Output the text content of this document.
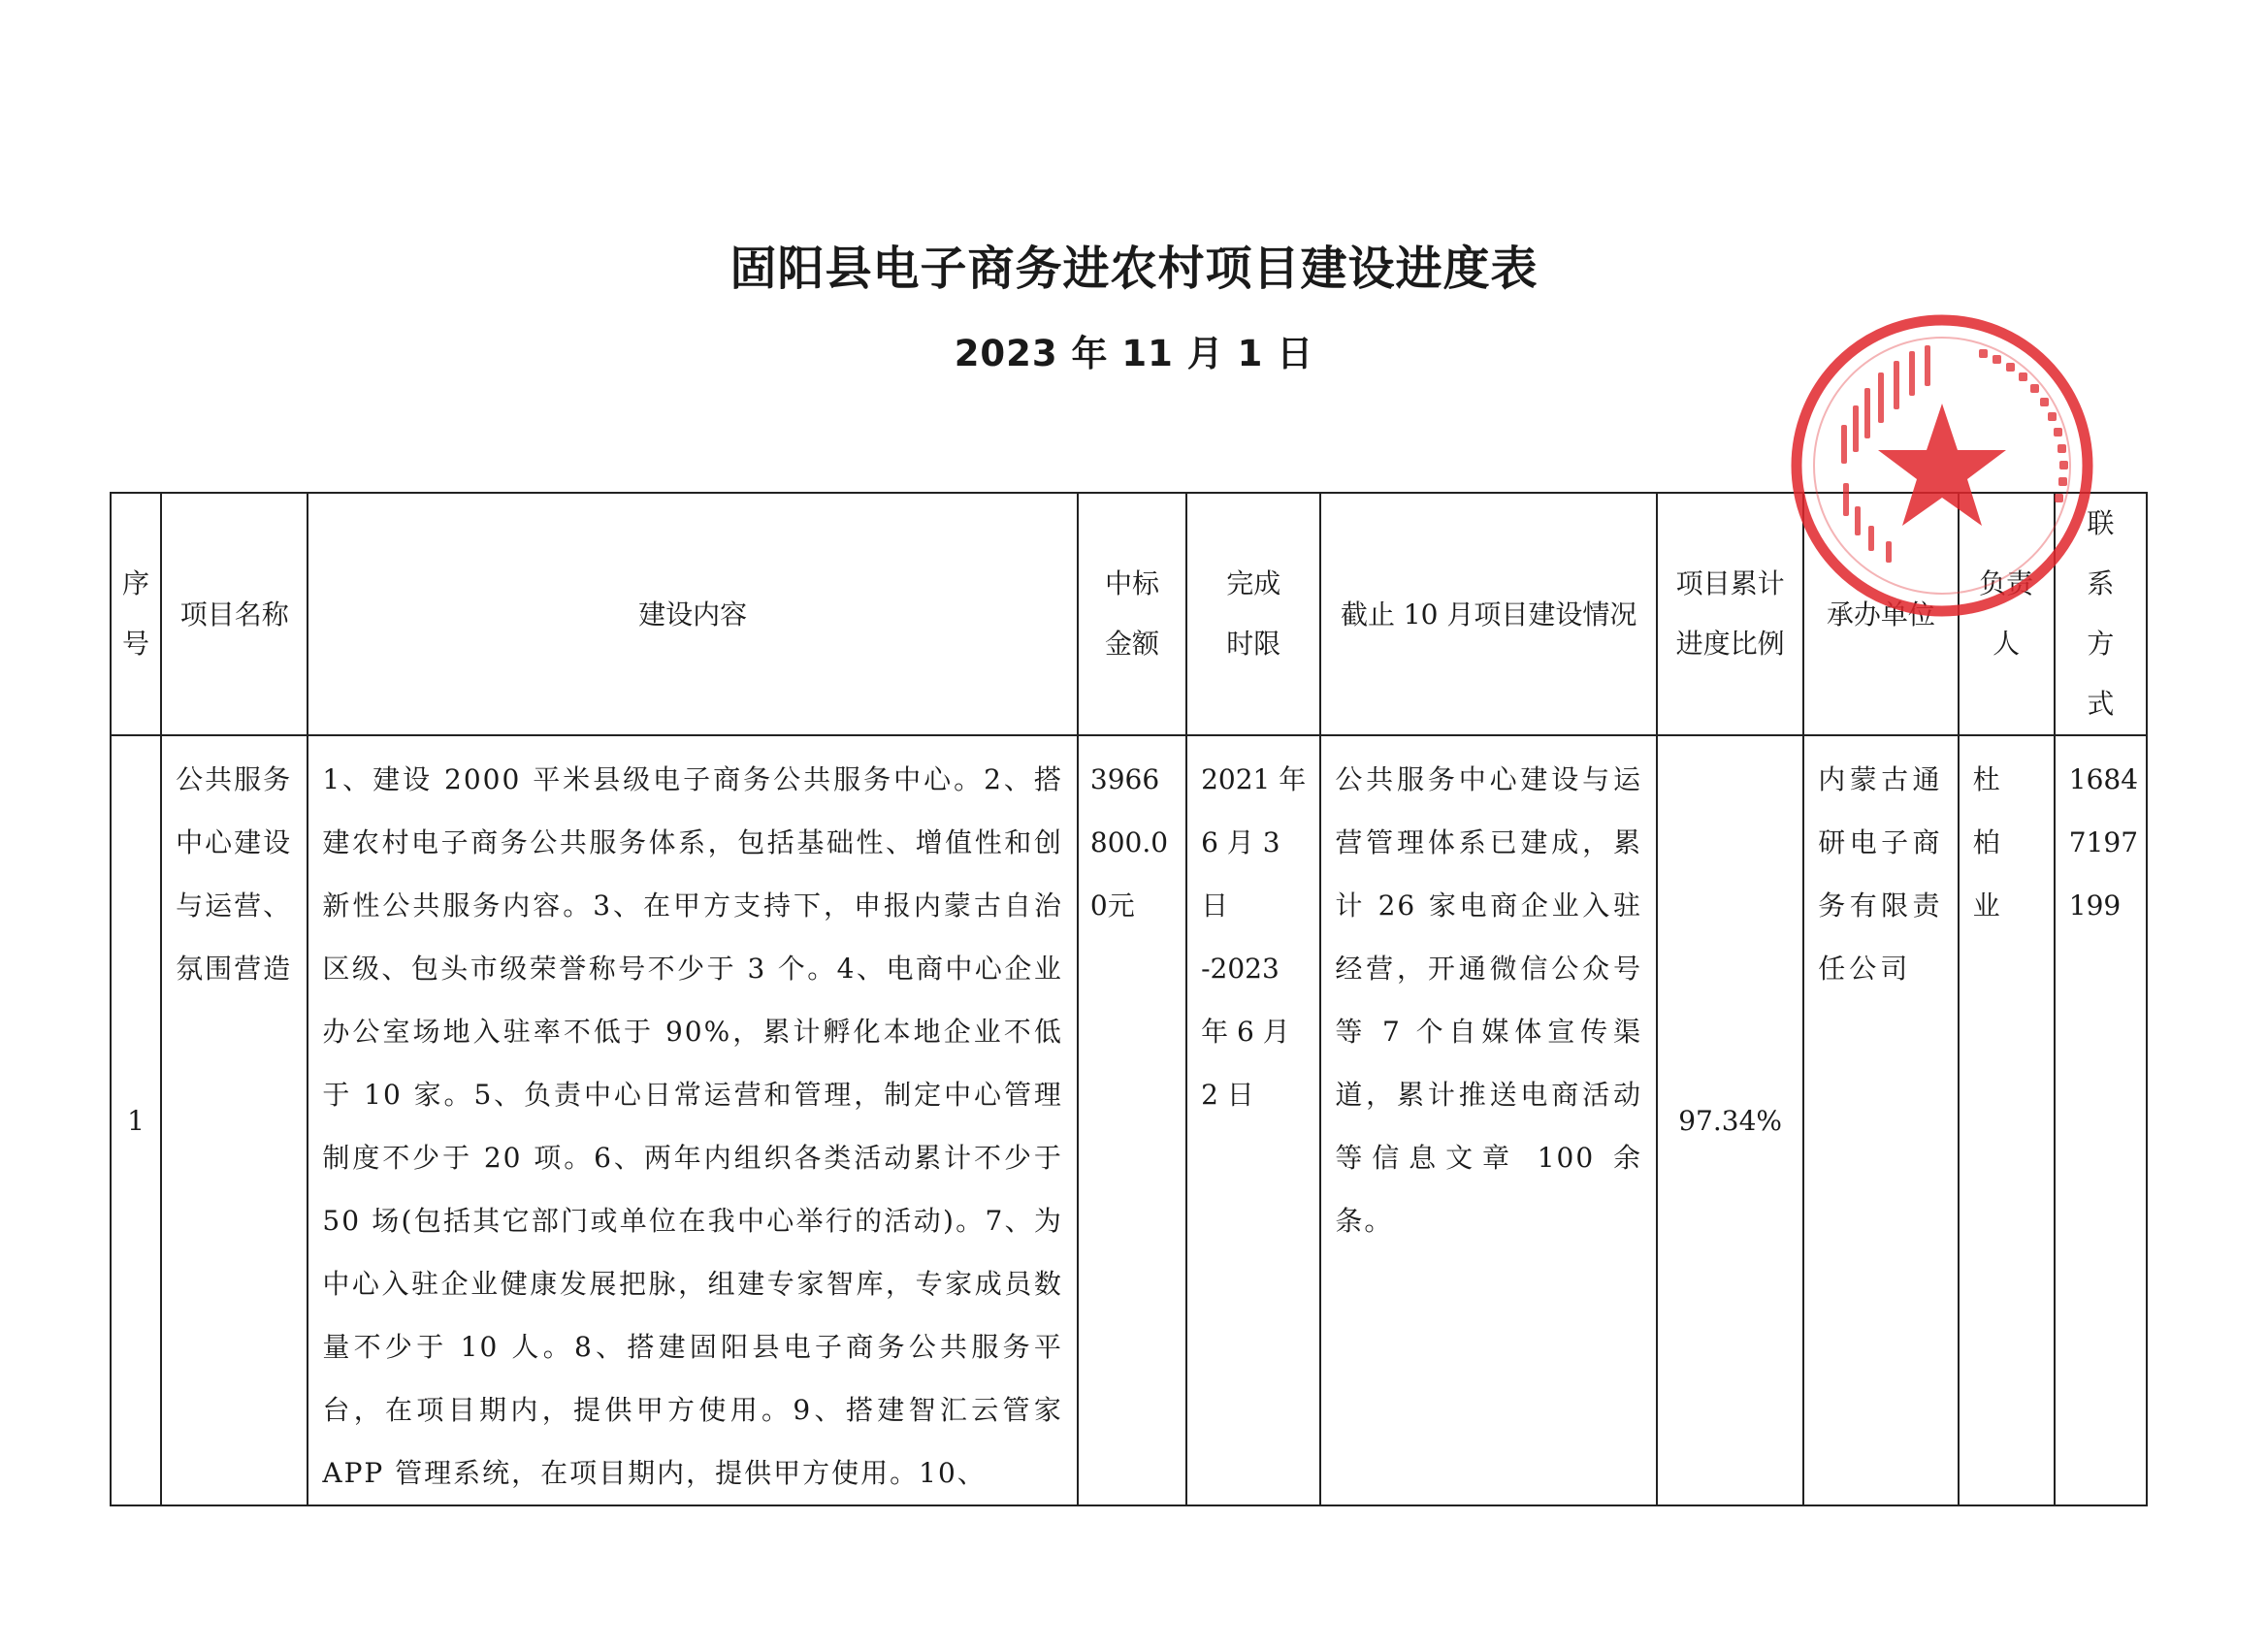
固阳县电子商务进农村项目建设进度表
2023 年 11 月 1 日
序号	项目名称	建设内容	中标金额	完成时限	截止 10 月项目建设情况	项目累计进度比例	承办单位	负责人	联系方式
1	公共服务中心建设与运营、氛围营造	1、建设 2000 平米县级电子商务公共服务中心。2、搭建农村电子商务公共服务体系，包括基础性、增值性和创新性公共服务内容。3、在甲方支持下，申报内蒙古自治区级、包头市级荣誉称号不少于 3 个。4、电商中心企业办公室场地入驻率不低于 90%，累计孵化本地企业不低于 10 家。5、负责中心日常运营和管理，制定中心管理制度不少于 20 项。6、两年内组织各类活动累计不少于 50 场(包括其它部门或单位在我中心举行的活动)。7、为中心入驻企业健康发展把脉，组建专家智库，专家成员数量不少于 10 人。8、搭建固阳县电子商务公共服务平台，在项目期内，提供甲方使用。9、搭建智汇云管家 APP 管理系统，在项目期内，提供甲方使用。10、	3966800.00元	2021 年 6 月 3 日 -2023 年 6 月 2 日	公共服务中心建设与运营管理体系已建成，累计 26 家电商企业入驻经营，开通微信公众号等 7 个自媒体宣传渠道，累计推送电商活动等信息文章 100 余条。	97.34%	内蒙古通研电子商务有限责任公司	杜柏业	16847197199
